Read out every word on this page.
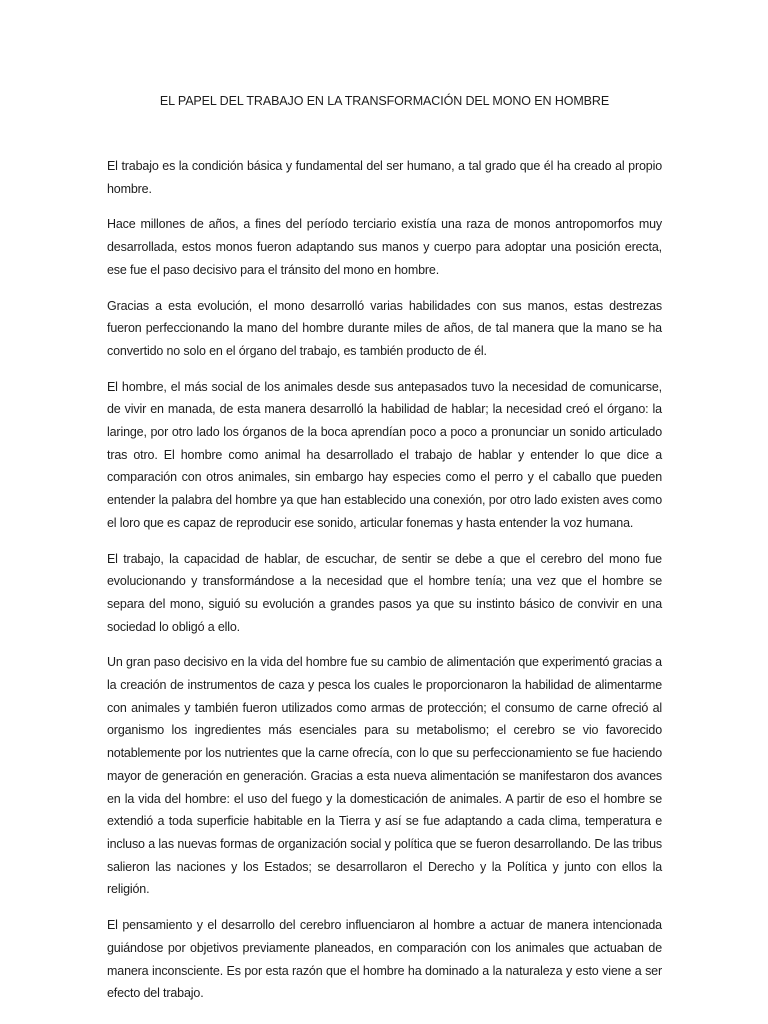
EL PAPEL DEL TRABAJO EN LA TRANSFORMACIÓN DEL MONO EN HOMBRE

El trabajo es la condición básica y fundamental del ser humano, a tal grado que él ha creado al propio hombre.

Hace millones de años, a fines del período terciario existía una raza de monos antropomorfos muy desarrollada, estos monos fueron adaptando sus manos y cuerpo para adoptar una posición erecta, ese fue el paso decisivo para el tránsito del mono en hombre.

Gracias a esta evolución, el mono desarrolló varias habilidades con sus manos, estas destrezas fueron perfeccionando la mano del hombre durante miles de años, de tal manera que la mano se ha convertido no solo en el órgano del trabajo, es también producto de él.

El hombre, el más social de los animales desde sus antepasados tuvo la necesidad de comunicarse, de vivir en manada, de esta manera desarrolló la habilidad de hablar; la necesidad creó el órgano: la laringe, por otro lado los órganos de la boca aprendían poco a poco a pronunciar un sonido articulado tras otro. El hombre como animal ha desarrollado el trabajo de hablar y entender lo que dice a comparación con otros animales, sin embargo hay especies como el perro y el caballo que pueden entender la palabra del hombre ya que han establecido una conexión, por otro lado existen aves como el loro que es capaz de reproducir ese sonido, articular fonemas y hasta entender la voz humana.

El trabajo, la capacidad de hablar, de escuchar, de sentir se debe a que el cerebro del mono fue evolucionando y transformándose a la necesidad que el hombre tenía; una vez que el hombre se separa del mono, siguió su evolución a grandes pasos ya que su instinto básico de convivir en una sociedad lo obligó a ello.

Un gran paso decisivo en la vida del hombre fue su cambio de alimentación que experimentó gracias a la creación de instrumentos de caza y pesca los cuales le proporcionaron la habilidad de alimentarme con animales y también fueron utilizados como armas de protección; el consumo de carne ofreció al organismo los ingredientes más esenciales para su metabolismo; el cerebro se vio favorecido notablemente por los nutrientes que la carne ofrecía, con lo que su perfeccionamiento se fue haciendo mayor de generación en generación. Gracias a esta nueva alimentación se manifestaron dos avances en la vida del hombre: el uso del fuego y la domesticación de animales. A partir de eso el hombre se extendió a toda superficie habitable en la Tierra y así se fue adaptando a cada clima, temperatura e incluso a las nuevas formas de organización social y política que se fueron desarrollando. De las tribus salieron las naciones y los Estados; se desarrollaron el Derecho y la Política y junto con ellos la religión.

El pensamiento y el desarrollo del cerebro influenciaron al hombre a actuar de manera intencionada guiándose por objetivos previamente planeados, en comparación con los animales que actuaban de manera inconsciente. Es por esta razón que el hombre ha dominado a la naturaleza y esto viene a ser efecto del trabajo.
